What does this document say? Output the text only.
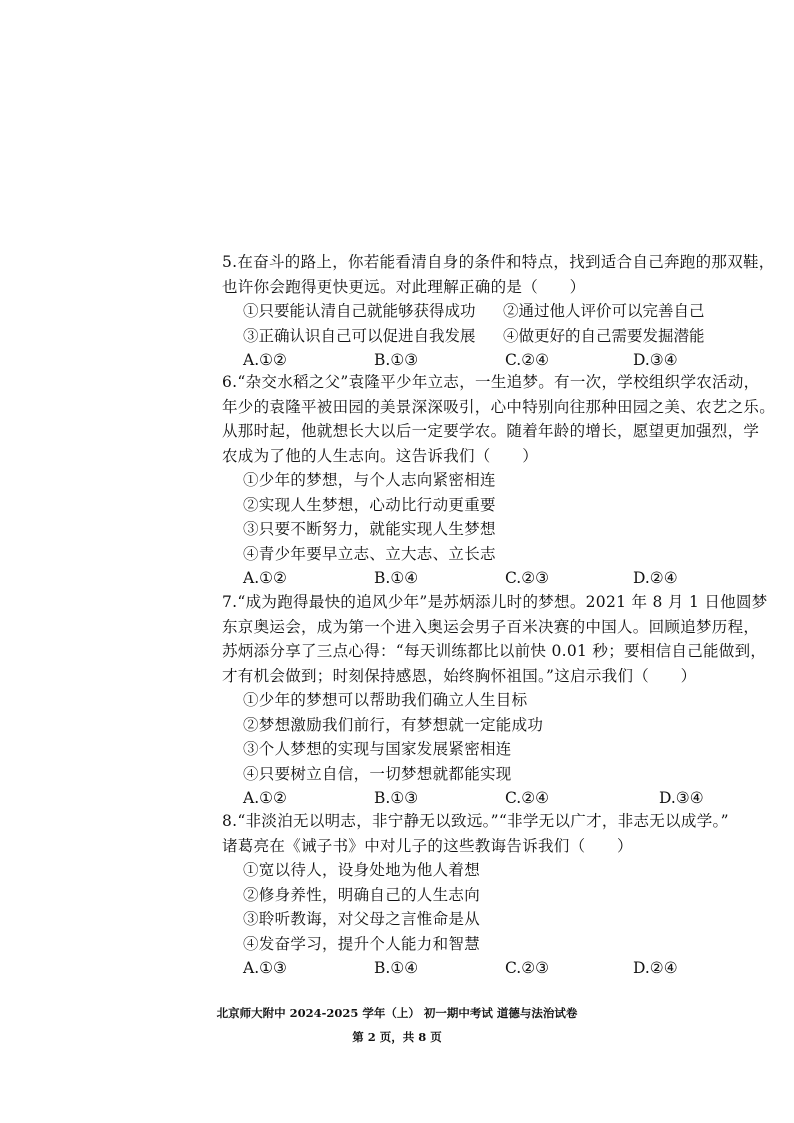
5.在奋斗的路上，你若能看清自身的条件和特点，找到适合自己奔跑的那双鞋，
也许你会跑得更快更远。对此理解正确的是（　　）
①只要能认清自己就能够获得成功 ②通过他人评价可以完善自己
③正确认识自己可以促进自我发展 ④做更好的自己需要发掘潜能
A.①②	B.①③	C.②④	D.③④
6.“杂交水稻之父”袁隆平少年立志，一生追梦。有一次，学校组织学农活动，
年少的袁隆平被田园的美景深深吸引，心中特别向往那种田园之美、农艺之乐。
从那时起，他就想长大以后一定要学农。随着年龄的增长，愿望更加强烈，学
农成为了他的人生志向。这告诉我们（　　）
①少年的梦想，与个人志向紧密相连
②实现人生梦想，心动比行动更重要
③只要不断努力，就能实现人生梦想
④青少年要早立志、立大志、立长志
A.①②	B.①④	C.②③	D.②④
7.“成为跑得最快的追风少年”是苏炳添儿时的梦想。2021 年 8 月 1 日他圆梦
东京奥运会，成为第一个进入奥运会男子百米决赛的中国人。回顾追梦历程，
苏炳添分享了三点心得：“每天训练都比以前快 0.01 秒；要相信自己能做到，
才有机会做到；时刻保持感恩，始终胸怀祖国。”这启示我们（　　）
①少年的梦想可以帮助我们确立人生目标
②梦想激励我们前行，有梦想就一定能成功
③个人梦想的实现与国家发展紧密相连
④只要树立自信，一切梦想就都能实现
A.①②	B.①③	C.②④	D.③④
8.“非淡泊无以明志，非宁静无以致远。”“非学无以广才，非志无以成学。”
诸葛亮在《诫子书》中对儿子的这些教诲告诉我们（　　）
①宽以待人，设身处地为他人着想
②修身养性，明确自己的人生志向
③聆听教诲，对父母之言惟命是从
④发奋学习，提升个人能力和智慧
A.①③	B.①④	C.②③	D.②④
北京师大附中 2024-2025 学年（上） 初一期中考试 道德与法治试卷
第 2 页，共 8 页
